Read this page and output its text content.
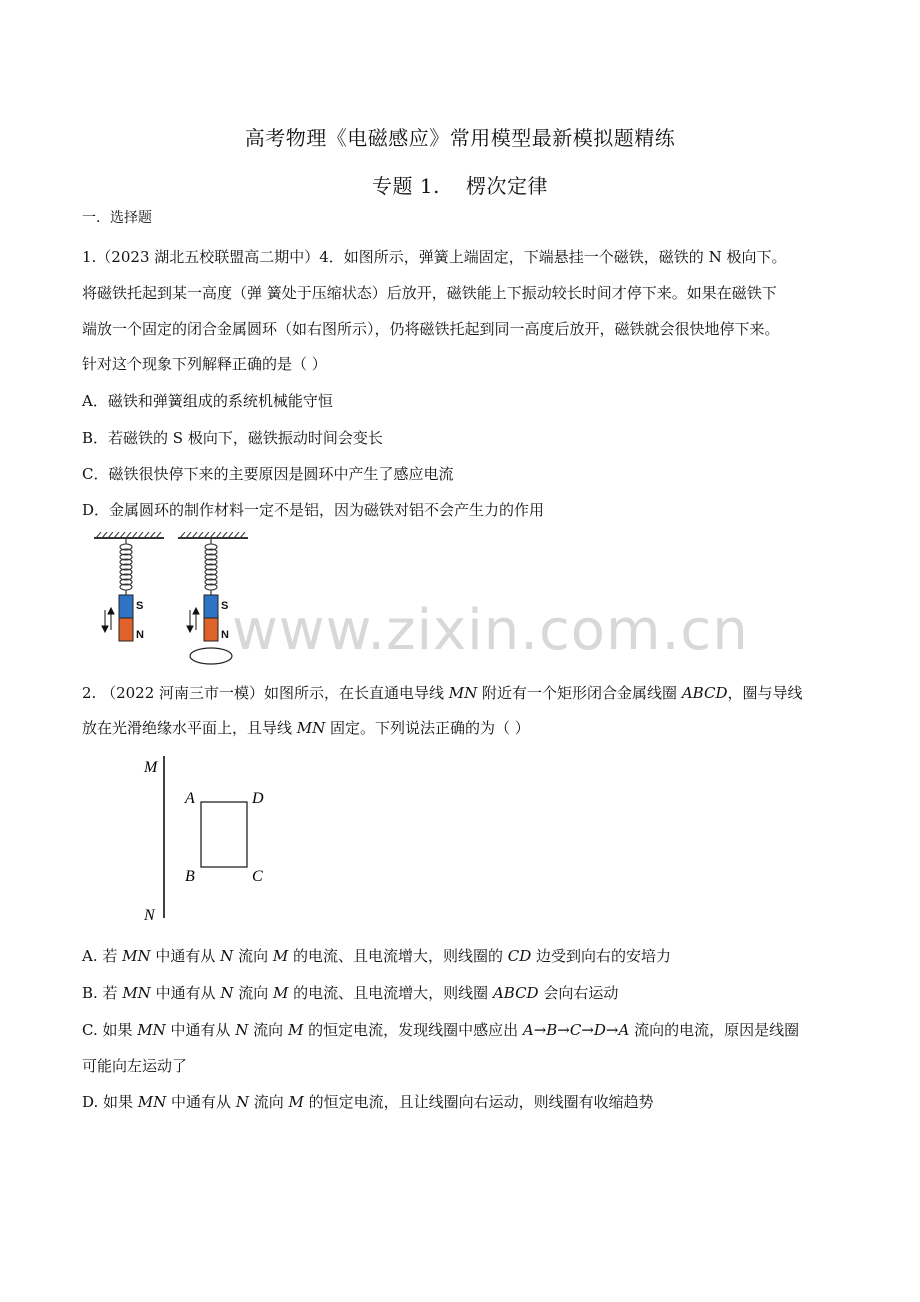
高考物理《电磁感应》常用模型最新模拟题精练
专题 1. 楞次定律
一．选择题
1.（2023 湖北五校联盟高二期中）4．如图所示，弹簧上端固定，下端悬挂一个磁铁，磁铁的 N 极向下。
将磁铁托起到某一高度（弹 簧处于压缩状态）后放开，磁铁能上下振动较长时间才停下来。如果在磁铁下
端放一个固定的闭合金属圆环（如右图所示），仍将磁铁托起到同一高度后放开，磁铁就会很快地停下来。
针对这个现象下列解释正确的是（ ）
A．磁铁和弹簧组成的系统机械能守恒
B．若磁铁的 S 极向下，磁铁振动时间会变长
C．磁铁很快停下来的主要原因是圆环中产生了感应电流
D．金属圆环的制作材料一定不是铝，因为磁铁对铝不会产生力的作用
S
N
S
N www.zixin.com.cn
2. （2022 河南三市一模）如图所示，在长直通电导线 MN 附近有一个矩形闭合金属线圈 ABCD，圈与导线
放在光滑绝缘水平面上，且导线 MN 固定。下列说法正确的为（ ）
M
N
A	D
B	C
A. 若 MN 中通有从 N 流向 M 的电流、且电流增大，则线圈的 CD 边受到向右的安培力
B. 若 MN 中通有从 N 流向 M 的电流、且电流增大，则线圈 ABCD 会向右运动
C. 如果 MN 中通有从 N 流向 M 的恒定电流，发现线圈中感应出 A→B→C→D→A 流向的电流，原因是线圈
可能向左运动了
D. 如果 MN 中通有从 N 流向 M 的恒定电流，且让线圈向右运动，则线圈有收缩趋势
